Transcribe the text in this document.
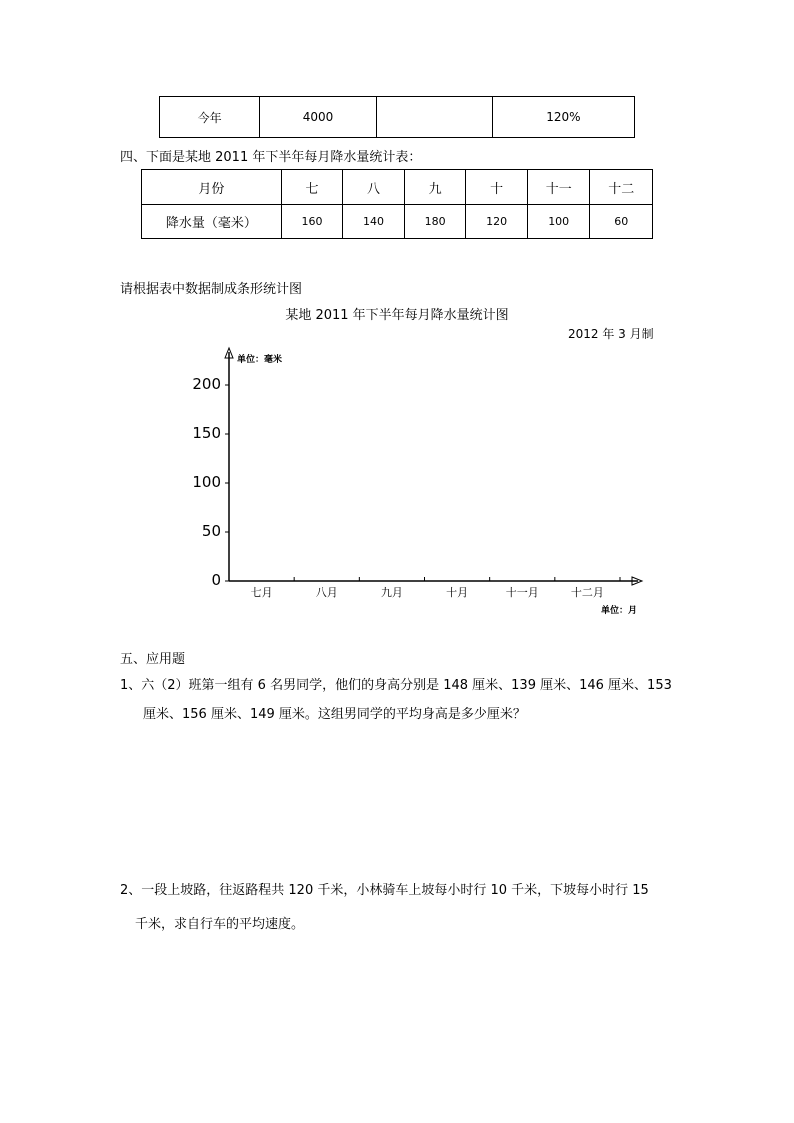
今年	4000		120%
四、下面是某地 2011 年下半年每月降水量统计表：
月份	七	八	九	十	十一	十二
降水量（毫米）	160	140	180	120	100	60
请根据表中数据制成条形统计图
某地 2011 年下半年每月降水量统计图
2012 年 3 月制
0
50
100
150
200
七月	八月	九月	十月	十一月	十二月
单位：毫米
单位：月
五、应用题
1、六（2）班第一组有 6 名男同学，他们的身高分别是 148 厘米、139 厘米、146 厘米、153
厘米、156 厘米、149 厘米。这组男同学的平均身高是多少厘米？
2、一段上坡路，往返路程共 120 千米，小林骑车上坡每小时行 10 千米，下坡每小时行 15
千米，求自行车的平均速度。
